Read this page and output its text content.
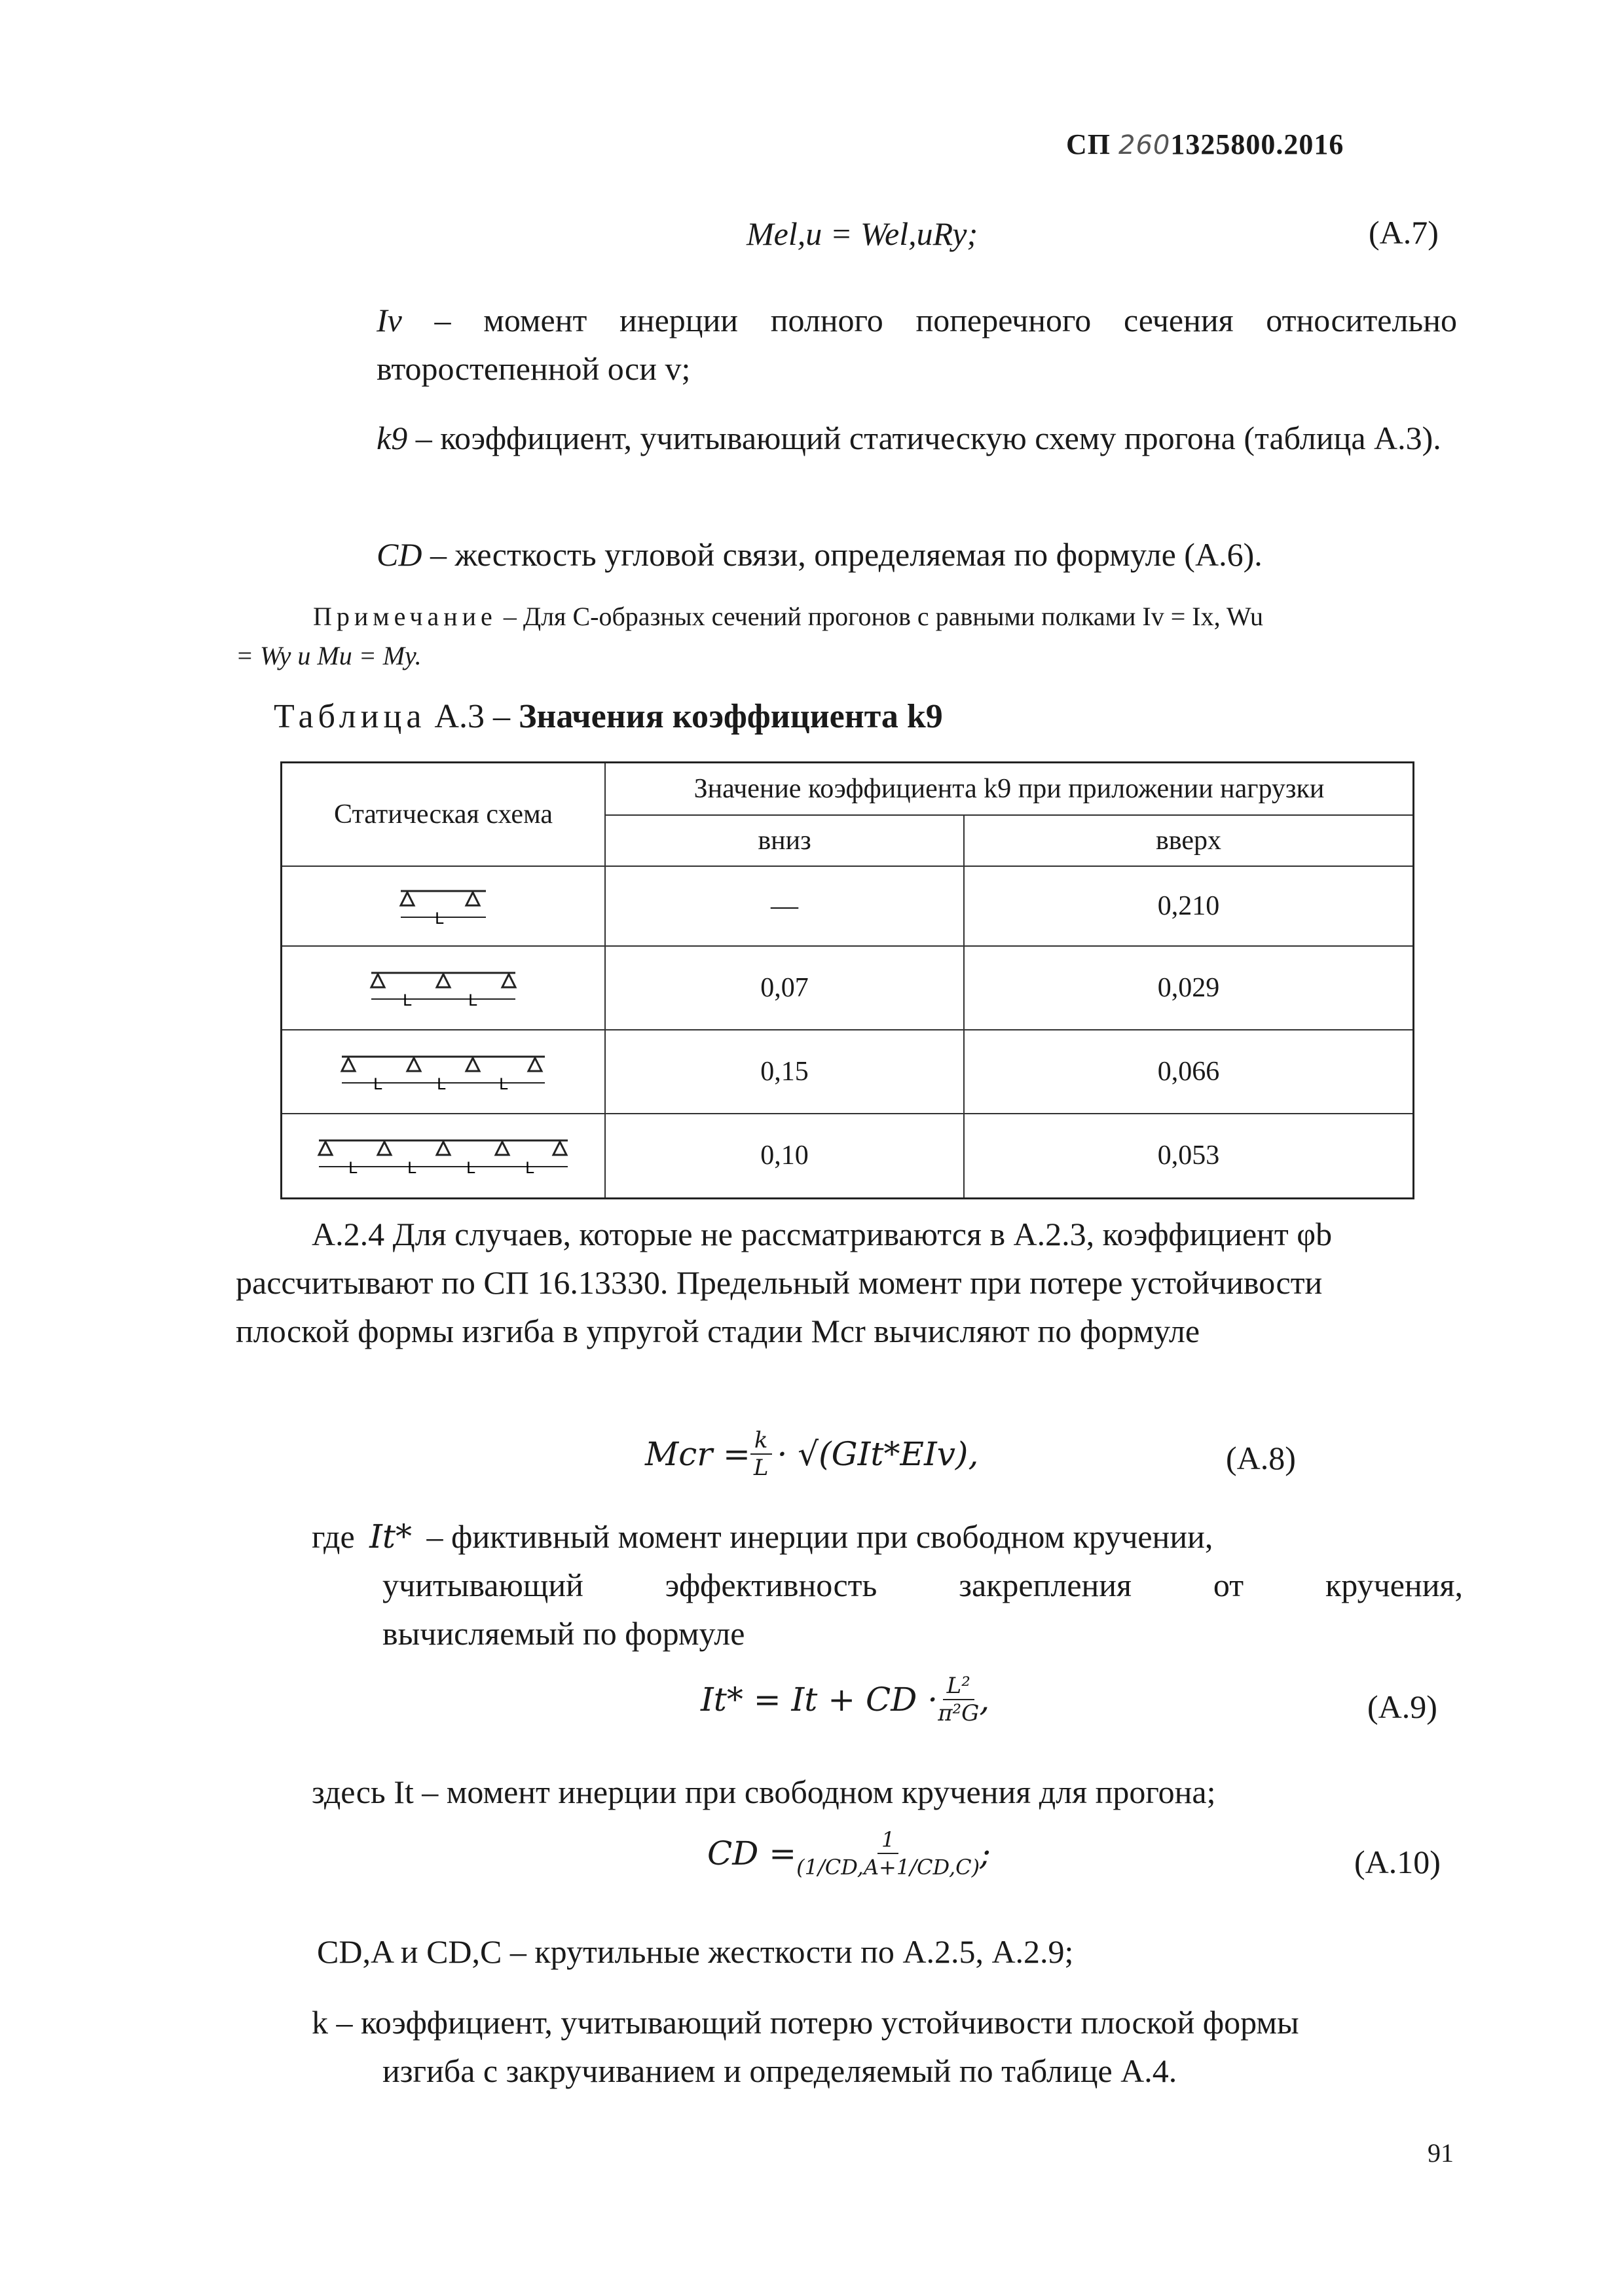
СП 2601325800.2016
Mel,u = Wel,uRy;	(А.7)
Iv – момент инерции полного поперечного сечения относительно второстепенной оси v;
k9 – коэффициент, учитывающий статическую схему прогона (таблица А.3).
CD – жесткость угловой связи, определяемая по формуле (А.6).
Примечание – Для С-образных сечений прогонов с равными полками Iv = Ix, Wu
= Wy и Mu = My.
Таблица А.3 – Значения коэффициента k9
Статическая схема	Значение коэффициента k9 при приложении нагрузки	
	вниз	вверх

L	—	0,210

L L	0,07	0,029

L L L	0,15	0,066

L L L L	0,10	0,053
А.2.4 Для случаев, которые не рассматриваются в А.2.3, коэффициент φb
рассчитывают по СП 16.13330. Предельный момент при потере устойчивости
плоской формы изгиба в упругой стадии Mcr вычисляют по формуле
Mcr = $\frac{k}{L} \cdot √(GIt*EIv)$,	(А.8)
где It* – фиктивный момент инерции при свободном кручении,
учитывающий эффективность закрепления от кручения,
вычисляемый по формуле
It* = It + CD · $\frac{\text{L²}}{\text{π²G}}$ ,	(А.9)
здесь It – момент инерции при свободном кручения для прогона;
CD = $\frac{1}{(1/CD,A+1/CD,C)}$ ;	(А.10)
CD,A и CD,C – крутильные жесткости по А.2.5, А.2.9;
k – коэффициент, учитывающий потерю устойчивости плоской формы
изгиба с закручиванием и определяемый по таблице А.4.
91
